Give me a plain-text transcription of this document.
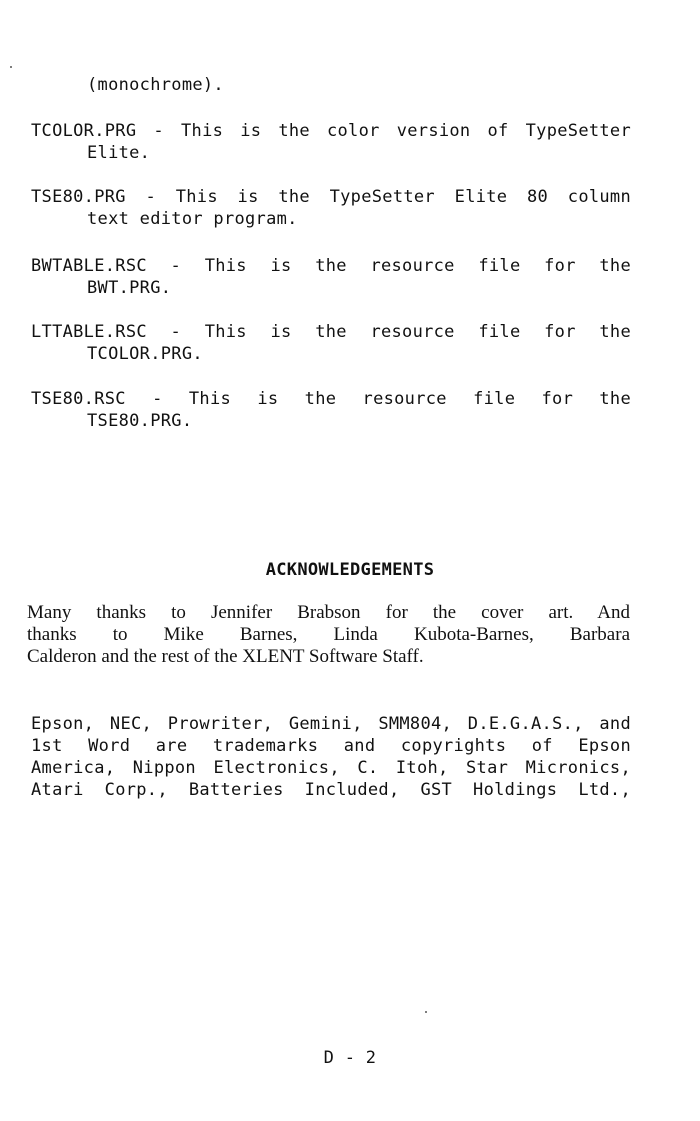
(monochrome).
TCOLOR.PRG - This is the color version of TypeSetter
Elite.
TSE80.PRG - This is the TypeSetter Elite 80 column
text editor program.
BWTABLE.RSC - This is the resource file for the
BWT.PRG.
LTTABLE.RSC - This is the resource file for the
TCOLOR.PRG.
TSE80.RSC - This is the resource file for the
TSE80.PRG.
ACKNOWLEDGEMENTS
Many thanks to Jennifer Brabson for the cover art. And
thanks to Mike Barnes, Linda Kubota-Barnes, Barbara
Calderon and the rest of the XLENT Software Staff.
Epson, NEC, Prowriter, Gemini, SMM804, D.E.G.A.S., and
1st Word are trademarks and copyrights of Epson
America, Nippon Electronics, C. Itoh, Star Micronics,
Atari Corp., Batteries Included, GST Holdings Ltd.,
D - 2
